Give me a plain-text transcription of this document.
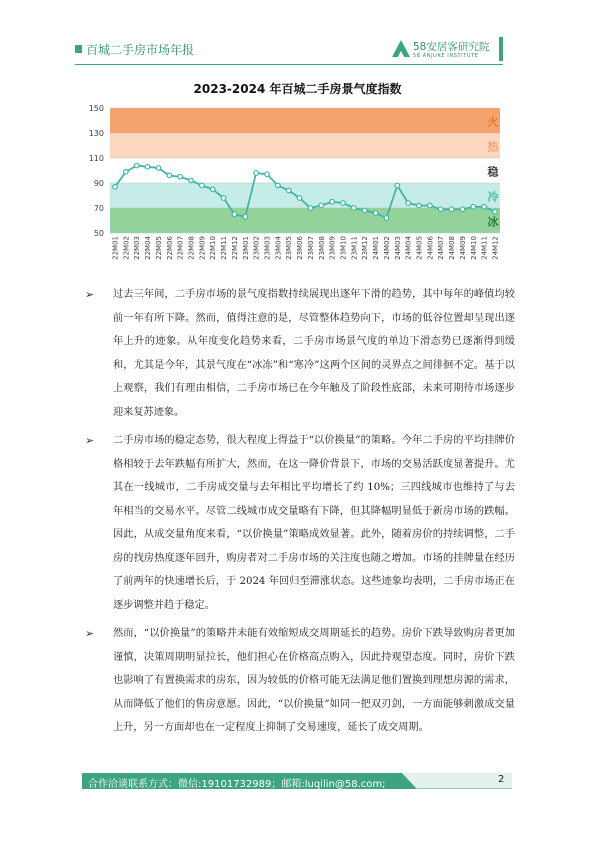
百城二手房市场年报	58安居客研究院
58 ANJUKE INSTITUTE
2023-2024 年百城二手房景气度指数
火
热
稳
冷
冰
50
70
90
110
130
150
22M01 22M02 22M03 22M04 22M05 22M06 22M07 22M08 22M09 22M10 22M11 22M12 23M01 23M02 23M03 23M04 23M05 23M06 23M07 23M08 23M09 23M10 23M11 23M12 24M01 24M02 24M03 24M04 24M05 24M06 24M07 24M08 24M09 24M10 24M11 24M12

➢ 过去三年间，二手房市场的景气度指数持续展现出逐年下滑的趋势，其中每年的峰值均较前一年有所下降。然而，值得注意的是，尽管整体趋势向下，市场的低谷位置却呈现出逐年上升的迹象。从年度变化趋势来看，二手房市场景气度的单边下滑态势已逐渐得到缓和，尤其是今年，其景气度在“冰冻”和“寒冷”这两个区间的灵界点之间徘徊不定。基于以上观察，我们有理由相信，二手房市场已在今年触及了阶段性底部，未来可期待市场逐步迎来复苏迹象。

➢ 二手房市场的稳定态势，很大程度上得益于“以价换量”的策略。今年二手房的平均挂牌价格相较于去年跌幅有所扩大，然而，在这一降价背景下，市场的交易活跃度显著提升。尤其在一线城市，二手房成交量与去年相比平均增长了约 10%；三四线城市也维持了与去年相当的交易水平。尽管二线城市成交量略有下降，但其降幅明显低于新房市场的跌幅。因此，从成交量角度来看，“以价换量”策略成效显著。此外，随着房价的持续调整，二手房的找房热度逐年回升，购房者对二手房市场的关注度也随之增加。市场的挂牌量在经历了前两年的快速增长后，于 2024 年回归至滞涨状态。这些迹象均表明，二手房市场正在逐步调整并趋于稳定。

➢ 然而，“以价换量”的策略并未能有效缩短成交周期延长的趋势。房价下跌导致购房者更加谨慎，决策周期明显拉长，他们担心在价格高点购入，因此持观望态度。同时，房价下跌也影响了有置换需求的房东，因为较低的价格可能无法满足他们置换到理想房源的需求，从而降低了他们的售房意愿。因此，“以价换量”如同一把双刃剑，一方面能够刺激成交量上升，另一方面却也在一定程度上抑制了交易速度，延长了成交周期。

合作洽谈联系方式：微信:19101732989；邮箱:luqilin@58.com;	2
